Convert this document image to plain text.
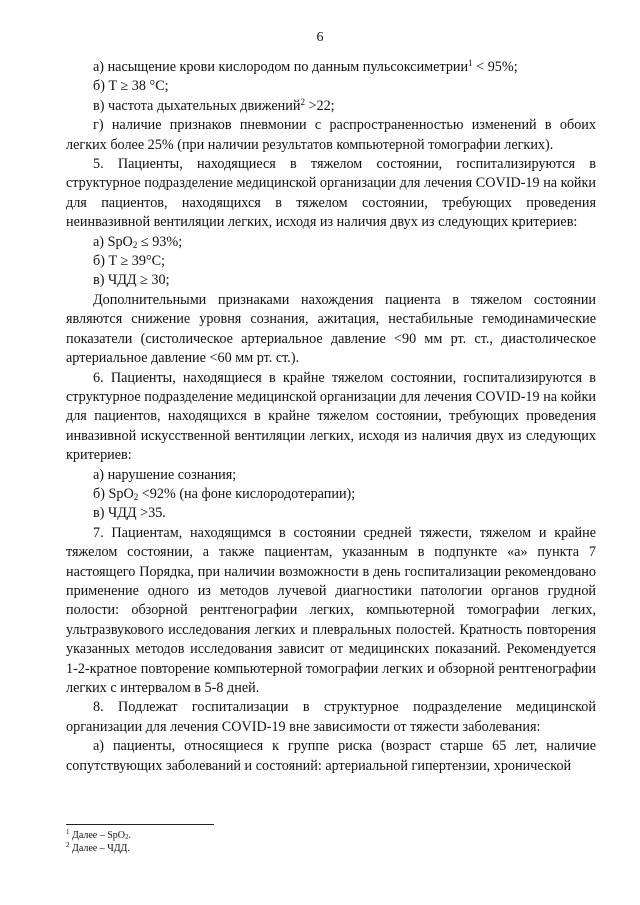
6

а) насыщение крови кислородом по данным пульсоксиметрии$^1$ < 95%;

б) T ≥ 38 °C;

в) частота дыхательных движений$^2$ >22;

г) наличие признаков пневмонии с распространенностью изменений в обоих легких более 25% (при наличии результатов компьютерной томографии легких).

5. Пациенты, находящиеся в тяжелом состоянии, госпитализируются в структурное подразделение медицинской организации для лечения COVID-19 на койки для пациентов, находящихся в тяжелом состоянии, требующих проведения неинвазивной вентиляции легких, исходя из наличия двух из следующих критериев:

а) SpO$_2$ ≤ 93%;

б) T ≥ 39°C;

в) ЧДД ≥ 30;

Дополнительными признаками нахождения пациента в тяжелом состоянии являются снижение уровня сознания, ажитация, нестабильные гемодинамические показатели (систолическое артериальное давление <90 мм рт. ст., диастолическое артериальное давление <60 мм рт. ст.).

6. Пациенты, находящиеся в крайне тяжелом состоянии, госпитализируются в структурное подразделение медицинской организации для лечения COVID-19 на койки для пациентов, находящихся в крайне тяжелом состоянии, требующих проведения инвазивной искусственной вентиляции легких, исходя из наличия двух из следующих критериев:

а) нарушение сознания;

б) SpO$_2$ <92% (на фоне кислородотерапии);

в) ЧДД >35.

7. Пациентам, находящимся в состоянии средней тяжести, тяжелом и крайне тяжелом состоянии, а также пациентам, указанным в подпункте «а» пункта 7 настоящего Порядка, при наличии возможности в день госпитализации рекомендовано применение одного из методов лучевой диагностики патологии органов грудной полости: обзорной рентгенографии легких, компьютерной томографии легких, ультразвукового исследования легких и плевральных полостей. Кратность повторения указанных методов исследования зависит от медицинских показаний. Рекомендуется 1-2-кратное повторение компьютерной томографии легких и обзорной рентгенографии легких с интервалом в 5-8 дней.

8. Подлежат госпитализации в структурное подразделение медицинской организации для лечения COVID-19 вне зависимости от тяжести заболевания:

а) пациенты, относящиеся к группе риска (возраст старше 65 лет, наличие сопутствующих заболеваний и состояний: артериальной гипертензии, хронической

$^1$ Далее – SpO$_2$.
$^2$ Далее – ЧДД.
